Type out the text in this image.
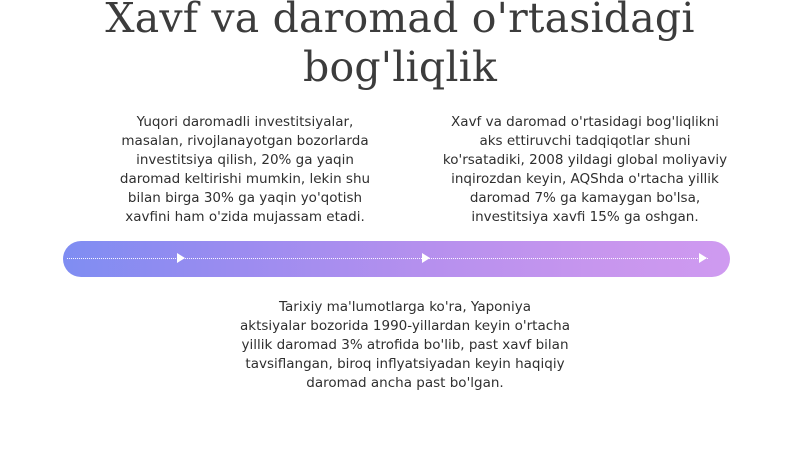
Xavf va daromad o'rtasidagi
bog'liqlik
Yuqori daromadli investitsiyalar,
masalan, rivojlanayotgan bozorlarda
investitsiya qilish, 20% ga yaqin
daromad keltirishi mumkin, lekin shu
bilan birga 30% ga yaqin yo'qotish
xavfini ham o'zida mujassam etadi.
Xavf va daromad o'rtasidagi bog'liqlikni
aks ettiruvchi tadqiqotlar shuni
ko'rsatadiki, 2008 yildagi global moliyaviy
inqirozdan keyin, AQShda o'rtacha yillik
daromad 7% ga kamaygan bo'lsa,
investitsiya xavfi 15% ga oshgan.
Tarixiy ma'lumotlarga ko'ra, Yaponiya
aktsiyalar bozorida 1990-yillardan keyin o'rtacha
yillik daromad 3% atrofida bo'lib, past xavf bilan
tavsiflangan, biroq inflyatsiyadan keyin haqiqiy
daromad ancha past bo'lgan.
